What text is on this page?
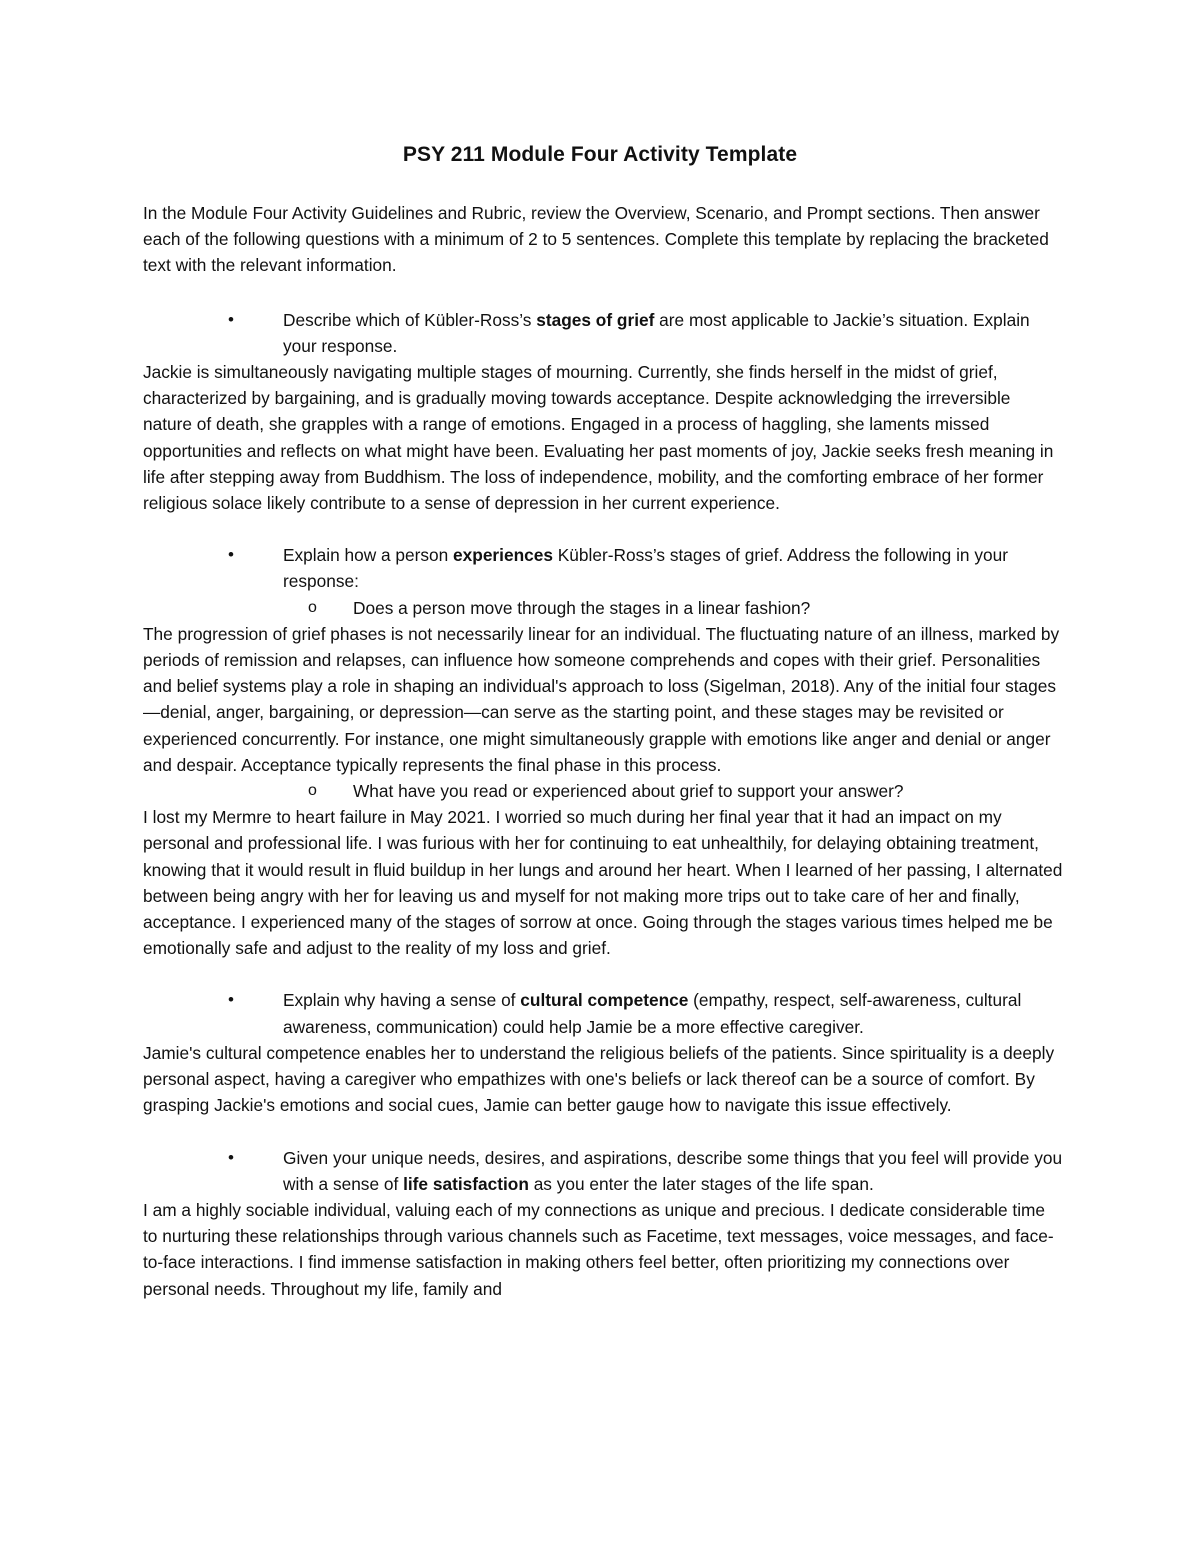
PSY 211 Module Four Activity Template

In the Module Four Activity Guidelines and Rubric, review the Overview, Scenario, and Prompt sections. Then answer each of the following questions with a minimum of 2 to 5 sentences. Complete this template by replacing the bracketed text with the relevant information.

Describe which of Kübler-Ross’s stages of grief are most applicable to Jackie’s situation. Explain your response.

Jackie is simultaneously navigating multiple stages of mourning. Currently, she finds herself in the midst of grief, characterized by bargaining, and is gradually moving towards acceptance. Despite acknowledging the irreversible nature of death, she grapples with a range of emotions. Engaged in a process of haggling, she laments missed opportunities and reflects on what might have been. Evaluating her past moments of joy, Jackie seeks fresh meaning in life after stepping away from Buddhism. The loss of independence, mobility, and the comforting embrace of her former religious solace likely contribute to a sense of depression in her current experience.

Explain how a person experiences Kübler-Ross’s stages of grief. Address the following in your response:
o Does a person move through the stages in a linear fashion?

The progression of grief phases is not necessarily linear for an individual. The fluctuating nature of an illness, marked by periods of remission and relapses, can influence how someone comprehends and copes with their grief. Personalities and belief systems play a role in shaping an individual's approach to loss (Sigelman, 2018). Any of the initial four stages—denial, anger, bargaining, or depression—can serve as the starting point, and these stages may be revisited or experienced concurrently. For instance, one might simultaneously grapple with emotions like anger and denial or anger and despair. Acceptance typically represents the final phase in this process.

o What have you read or experienced about grief to support your answer?

I lost my Mermre to heart failure in May 2021. I worried so much during her final year that it had an impact on my personal and professional life. I was furious with her for continuing to eat unhealthily, for delaying obtaining treatment, knowing that it would result in fluid buildup in her lungs and around her heart. When I learned of her passing, I alternated between being angry with her for leaving us and myself for not making more trips out to take care of her and finally, acceptance. I experienced many of the stages of sorrow at once. Going through the stages various times helped me be emotionally safe and adjust to the reality of my loss and grief.

Explain why having a sense of cultural competence (empathy, respect, self-awareness, cultural awareness, communication) could help Jamie be a more effective caregiver.

Jamie's cultural competence enables her to understand the religious beliefs of the patients. Since spirituality is a deeply personal aspect, having a caregiver who empathizes with one's beliefs or lack thereof can be a source of comfort. By grasping Jackie's emotions and social cues, Jamie can better gauge how to navigate this issue effectively.

Given your unique needs, desires, and aspirations, describe some things that you feel will provide you with a sense of life satisfaction as you enter the later stages of the life span.

I am a highly sociable individual, valuing each of my connections as unique and precious. I dedicate considerable time to nurturing these relationships through various channels such as Facetime, text messages, voice messages, and face-to-face interactions. I find immense satisfaction in making others feel better, often prioritizing my connections over personal needs. Throughout my life, family and
